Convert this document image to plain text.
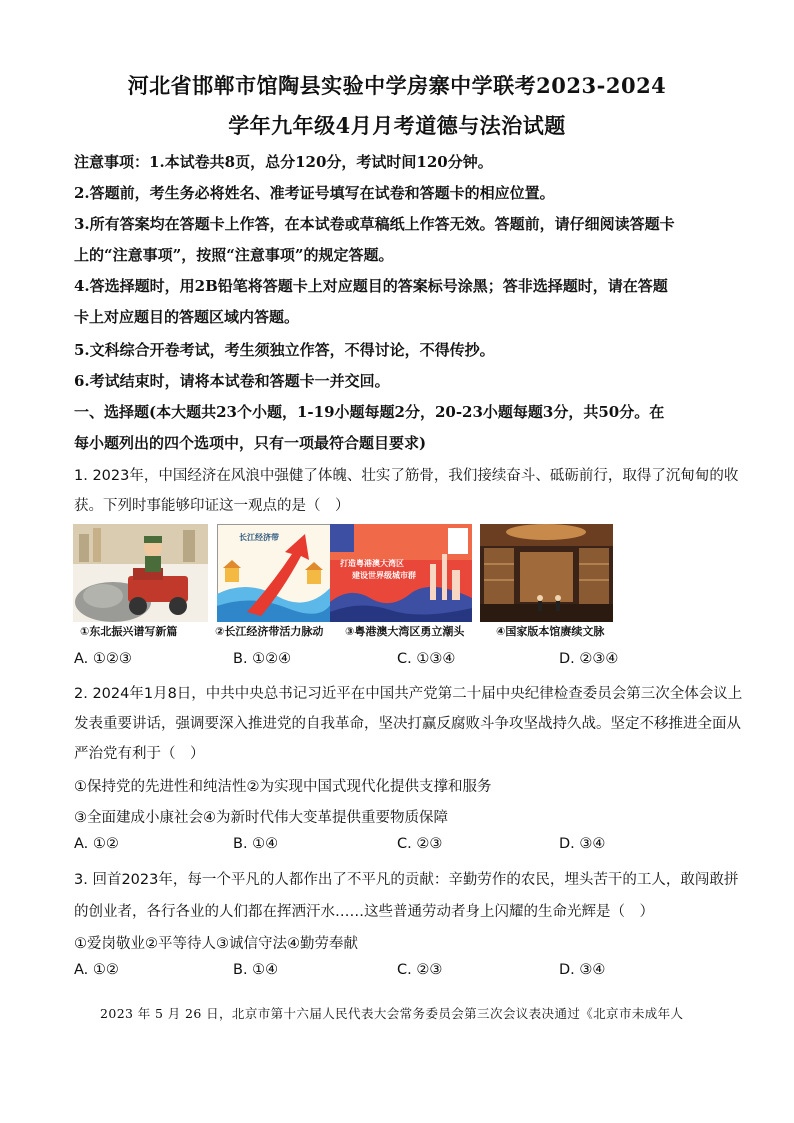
河北省邯郸市馆陶县实验中学房寨中学联考2023-2024
学年九年级4月月考道德与法治试题
注意事项：1.本试卷共8页，总分120分，考试时间120分钟。
2.答题前，考生务必将姓名、准考证号填写在试卷和答题卡的相应位置。
3.所有答案均在答题卡上作答，在本试卷或草稿纸上作答无效。答题前，请仔细阅读答题卡
上的“注意事项”，按照“注意事项”的规定答题。
4.答选择题时，用2B铅笔将答题卡上对应题目的答案标号涂黑；答非选择题时，请在答题
卡上对应题目的答题区域内答题。
5.文科综合开卷考试，考生须独立作答，不得讨论，不得传抄。
6.考试结束时，请将本试卷和答题卡一并交回。
一、选择题(本大题共23个小题，1-19小题每题2分，20-23小题每题3分，共50分。在
每小题列出的四个选项中，只有一项最符合题目要求)
1. 2023年，中国经济在风浪中强健了体魄、壮实了筋骨，我们接续奋斗、砥砺前行，取得了沉甸甸的收
获。下列时事能够印证这一观点的是（　）
长江经济带
打造粤港澳大湾区
建设世界级城市群
①东北振兴谱写新篇	②长江经济带活力脉动 ③粤港澳大湾区勇立潮头	④国家版本馆赓续文脉
A. ①②③	B. ①②④	C. ①③④	D. ②③④
2. 2024年1月8日，中共中央总书记习近平在中国共产党第二十届中央纪律检查委员会第三次全体会议上
发表重要讲话，强调要深入推进党的自我革命，坚决打赢反腐败斗争攻坚战持久战。坚定不移推进全面从
严治党有利于（　）
①保持党的先进性和纯洁性②为实现中国式现代化提供支撑和服务
③全面建成小康社会④为新时代伟大变革提供重要物质保障
A. ①②	B. ①④	C. ②③	D. ③④
3. 回首2023年，每一个平凡的人都作出了不平凡的贡献：辛勤劳作的农民，埋头苦干的工人，敢闯敢拼
的创业者，各行各业的人们都在挥洒汗水……这些普通劳动者身上闪耀的生命光辉是（　）
①爱岗敬业②平等待人③诚信守法④勤劳奉献
A. ①②	B. ①④	C. ②③	D. ③④
2023 年 5 月 26 日，北京市第十六届人民代表大会常务委员会第三次会议表决通过《北京市未成年人
